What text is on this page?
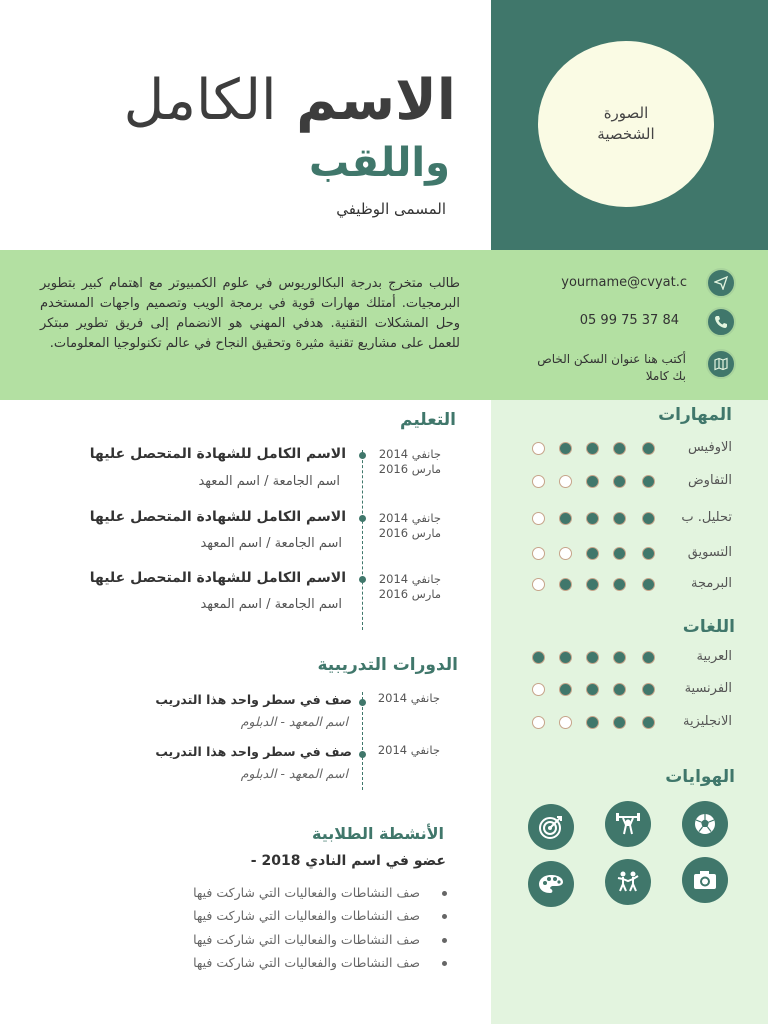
الصورة الشخصية
الاسم الكامل
واللقب
المسمى الوظيفي
طالب متخرج بدرجة البكالوريوس في علوم الكمبيوتر مع اهتمام كبير بتطوير البرمجيات. أمتلك مهارات قوية في برمجة الويب وتصميم واجهات المستخدم وحل المشكلات التقنية. هدفي المهني هو الانضمام إلى فريق تطوير مبتكر للعمل على مشاريع تقنية مثيرة وتحقيق النجاح في عالم تكنولوجيا المعلومات.
yourname@cvyat.c
05 99 75 37 84
أكتب هنا عنوان السكن الخاص بك كاملا
التعليم
الاسم الكامل للشهادة المتحصل عليها
اسم الجامعة / اسم المعهد
جانفي 2014
مارس 2016
الاسم الكامل للشهادة المتحصل عليها
اسم الجامعة / اسم المعهد
جانفي 2014
مارس 2016
الاسم الكامل للشهادة المتحصل عليها
اسم الجامعة / اسم المعهد
جانفي 2014
مارس 2016
الدورات التدريبية
صف في سطر واحد هذا التدريب
اسم المعهد - الدبلوم
جانفي 2014
صف في سطر واحد هذا التدريب
اسم المعهد - الدبلوم
جانفي 2014
الأنشطة الطلابية
عضو في اسم النادي 2018 -
صف النشاطات والفعاليات التي شاركت فيها
صف النشاطات والفعاليات التي شاركت فيها
صف النشاطات والفعاليات التي شاركت فيها
صف النشاطات والفعاليات التي شاركت فيها
المهارات
الاوفيس
التفاوض
تحليل. ب
التسويق
البرمجة
اللغات
العربية
الفرنسية
الانجليزية
الهوايات
